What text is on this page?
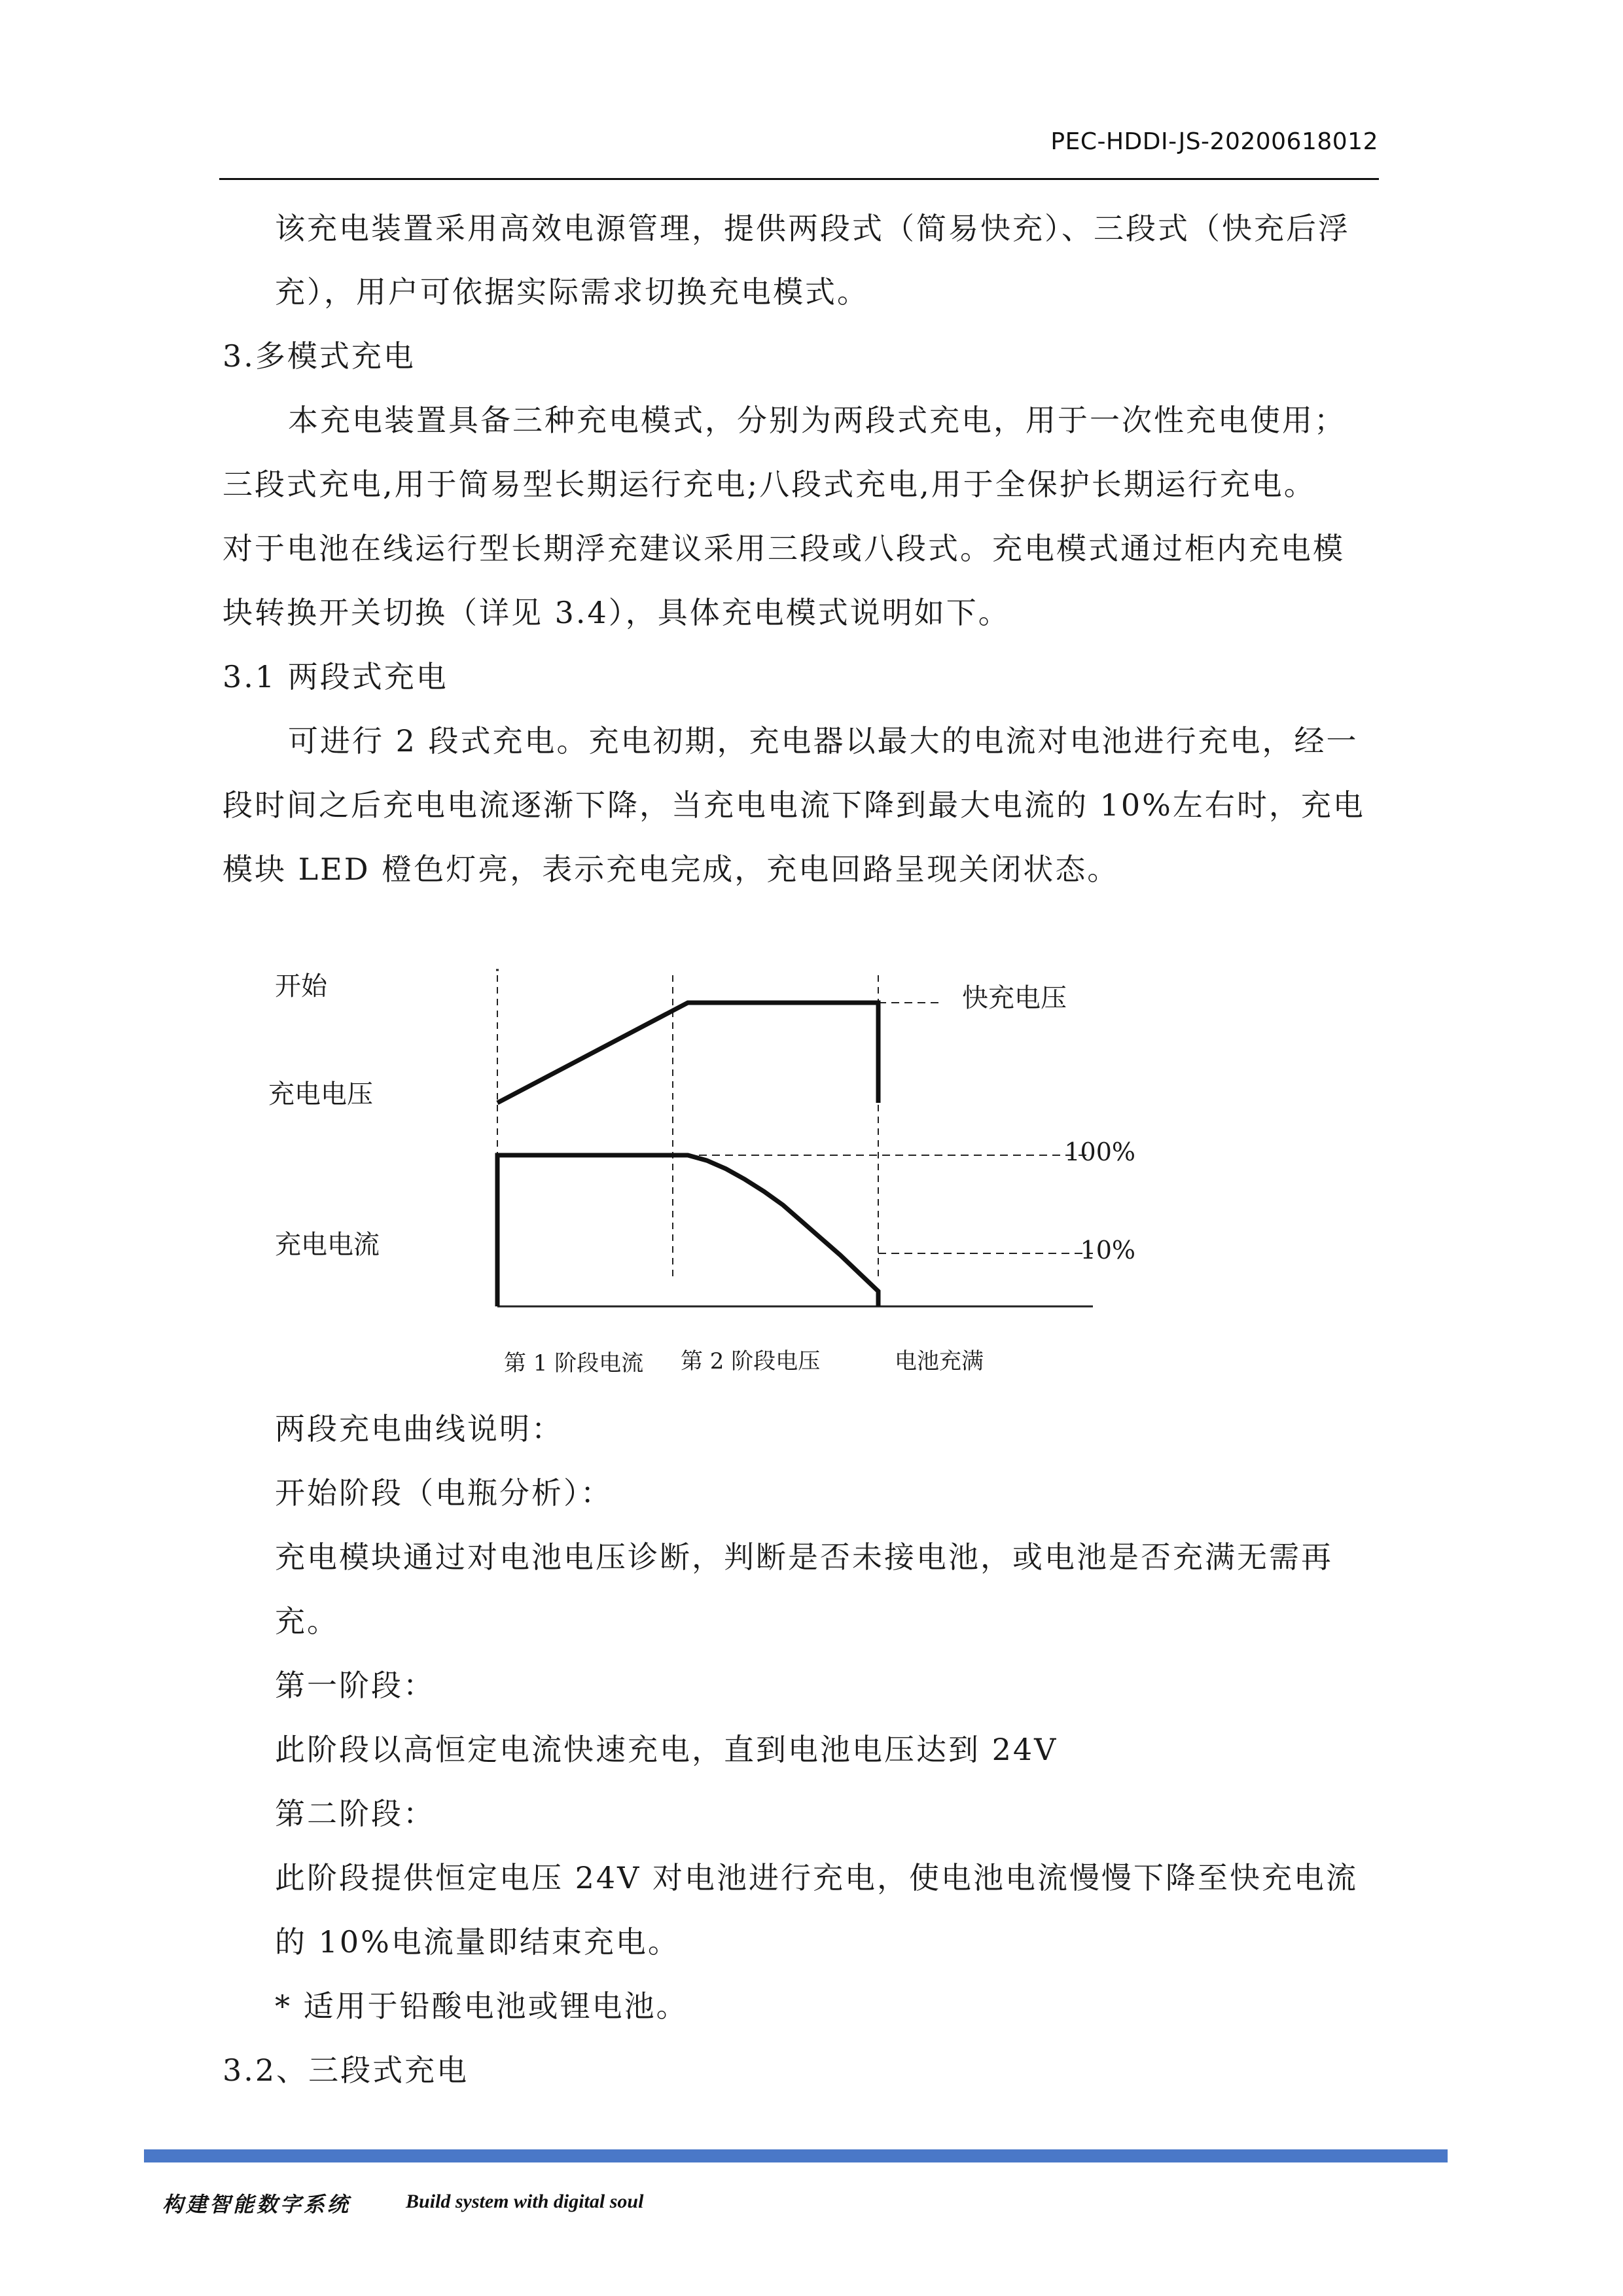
PEC-HDDI-JS-20200618012
该充电装置采用高效电源管理，提供两段式（简易快充）、三段式（快充后浮
充），用户可依据实际需求切换充电模式。
3.多模式充电
本充电装置具备三种充电模式，分别为两段式充电，用于一次性充电使用；
三段式充电,用于简易型长期运行充电;八段式充电,用于全保护长期运行充电。
对于电池在线运行型长期浮充建议采用三段或八段式。充电模式通过柜内充电模
块转换开关切换（详见 3.4），具体充电模式说明如下。
3.1 两段式充电
可进行 2 段式充电。充电初期，充电器以最大的电流对电池进行充电，经一
段时间之后充电电流逐渐下降，当充电电流下降到最大电流的 10%左右时，充电
模块 LED 橙色灯亮，表示充电完成，充电回路呈现关闭状态。
开始
充电电压
充电电流
快充电压
100%
10%
第 1 阶段电流 第 2 阶段电压	电池充满
两段充电曲线说明：
开始阶段（电瓶分析）：
充电模块通过对电池电压诊断，判断是否未接电池，或电池是否充满无需再
充。
第一阶段：
此阶段以高恒定电流快速充电，直到电池电压达到 24V
第二阶段：
此阶段提供恒定电压 24V 对电池进行充电，使电池电流慢慢下降至快充电流
的 10%电流量即结束充电。
* 适用于铅酸电池或锂电池。
3.2、三段式充电
构建智能数字系统	Build system with digital soul
